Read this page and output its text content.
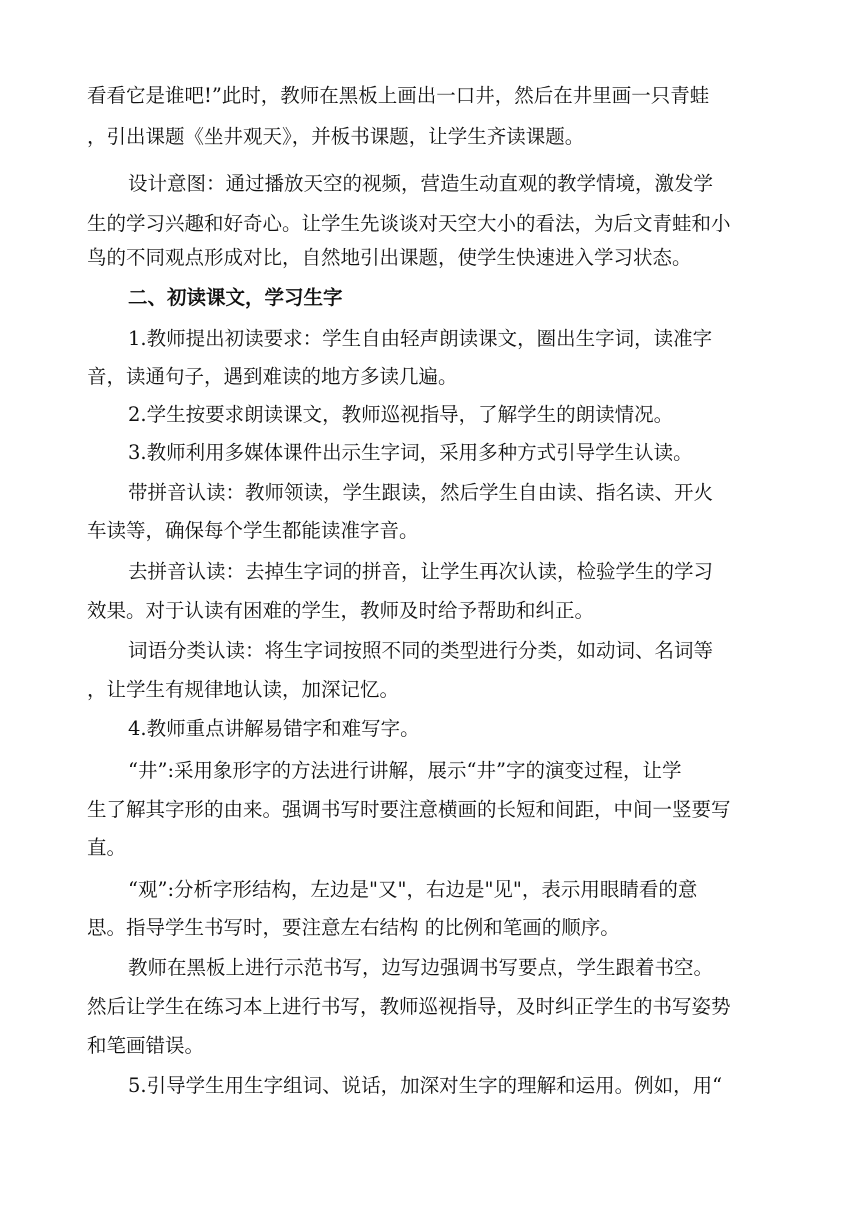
看看它是谁吧!”此时，教师在黑板上画出一口井，然后在井里画一只青蛙
，引出课题《坐井观天》，并板书课题，让学生齐读课题。
设计意图：通过播放天空的视频，营造生动直观的教学情境，激发学
生的学习兴趣和好奇心。让学生先谈谈对天空大小的看法，为后文青蛙和小
鸟的不同观点形成对比，自然地引出课题，使学生快速进入学习状态。
二、初读课文，学习生字
1.教师提出初读要求：学生自由轻声朗读课文，圈出生字词，读准字
音，读通句子，遇到难读的地方多读几遍。
2.学生按要求朗读课文，教师巡视指导，了解学生的朗读情况。
3.教师利用多媒体课件出示生字词，采用多种方式引导学生认读。
带拼音认读：教师领读，学生跟读，然后学生自由读、指名读、开火
车读等，确保每个学生都能读准字音。
去拼音认读：去掉生字词的拼音，让学生再次认读，检验学生的学习
效果。对于认读有困难的学生，教师及时给予帮助和纠正。
词语分类认读：将生字词按照不同的类型进行分类，如动词、名词等
，让学生有规律地认读，加深记忆。
4.教师重点讲解易错字和难写字。
“井”:采用象形字的方法进行讲解，展示“井”字的演变过程，让学
生了解其字形的由来。强调书写时要注意横画的长短和间距，中间一竖要写
直。
“观”:分析字形结构，左边是"又"，右边是"见"，表示用眼睛看的意
思。指导学生书写时，要注意左右结构 的比例和笔画的顺序。
教师在黑板上进行示范书写，边写边强调书写要点，学生跟着书空。
然后让学生在练习本上进行书写，教师巡视指导，及时纠正学生的书写姿势
和笔画错误。
5.引导学生用生字组词、说话，加深对生字的理解和运用。例如，用“
